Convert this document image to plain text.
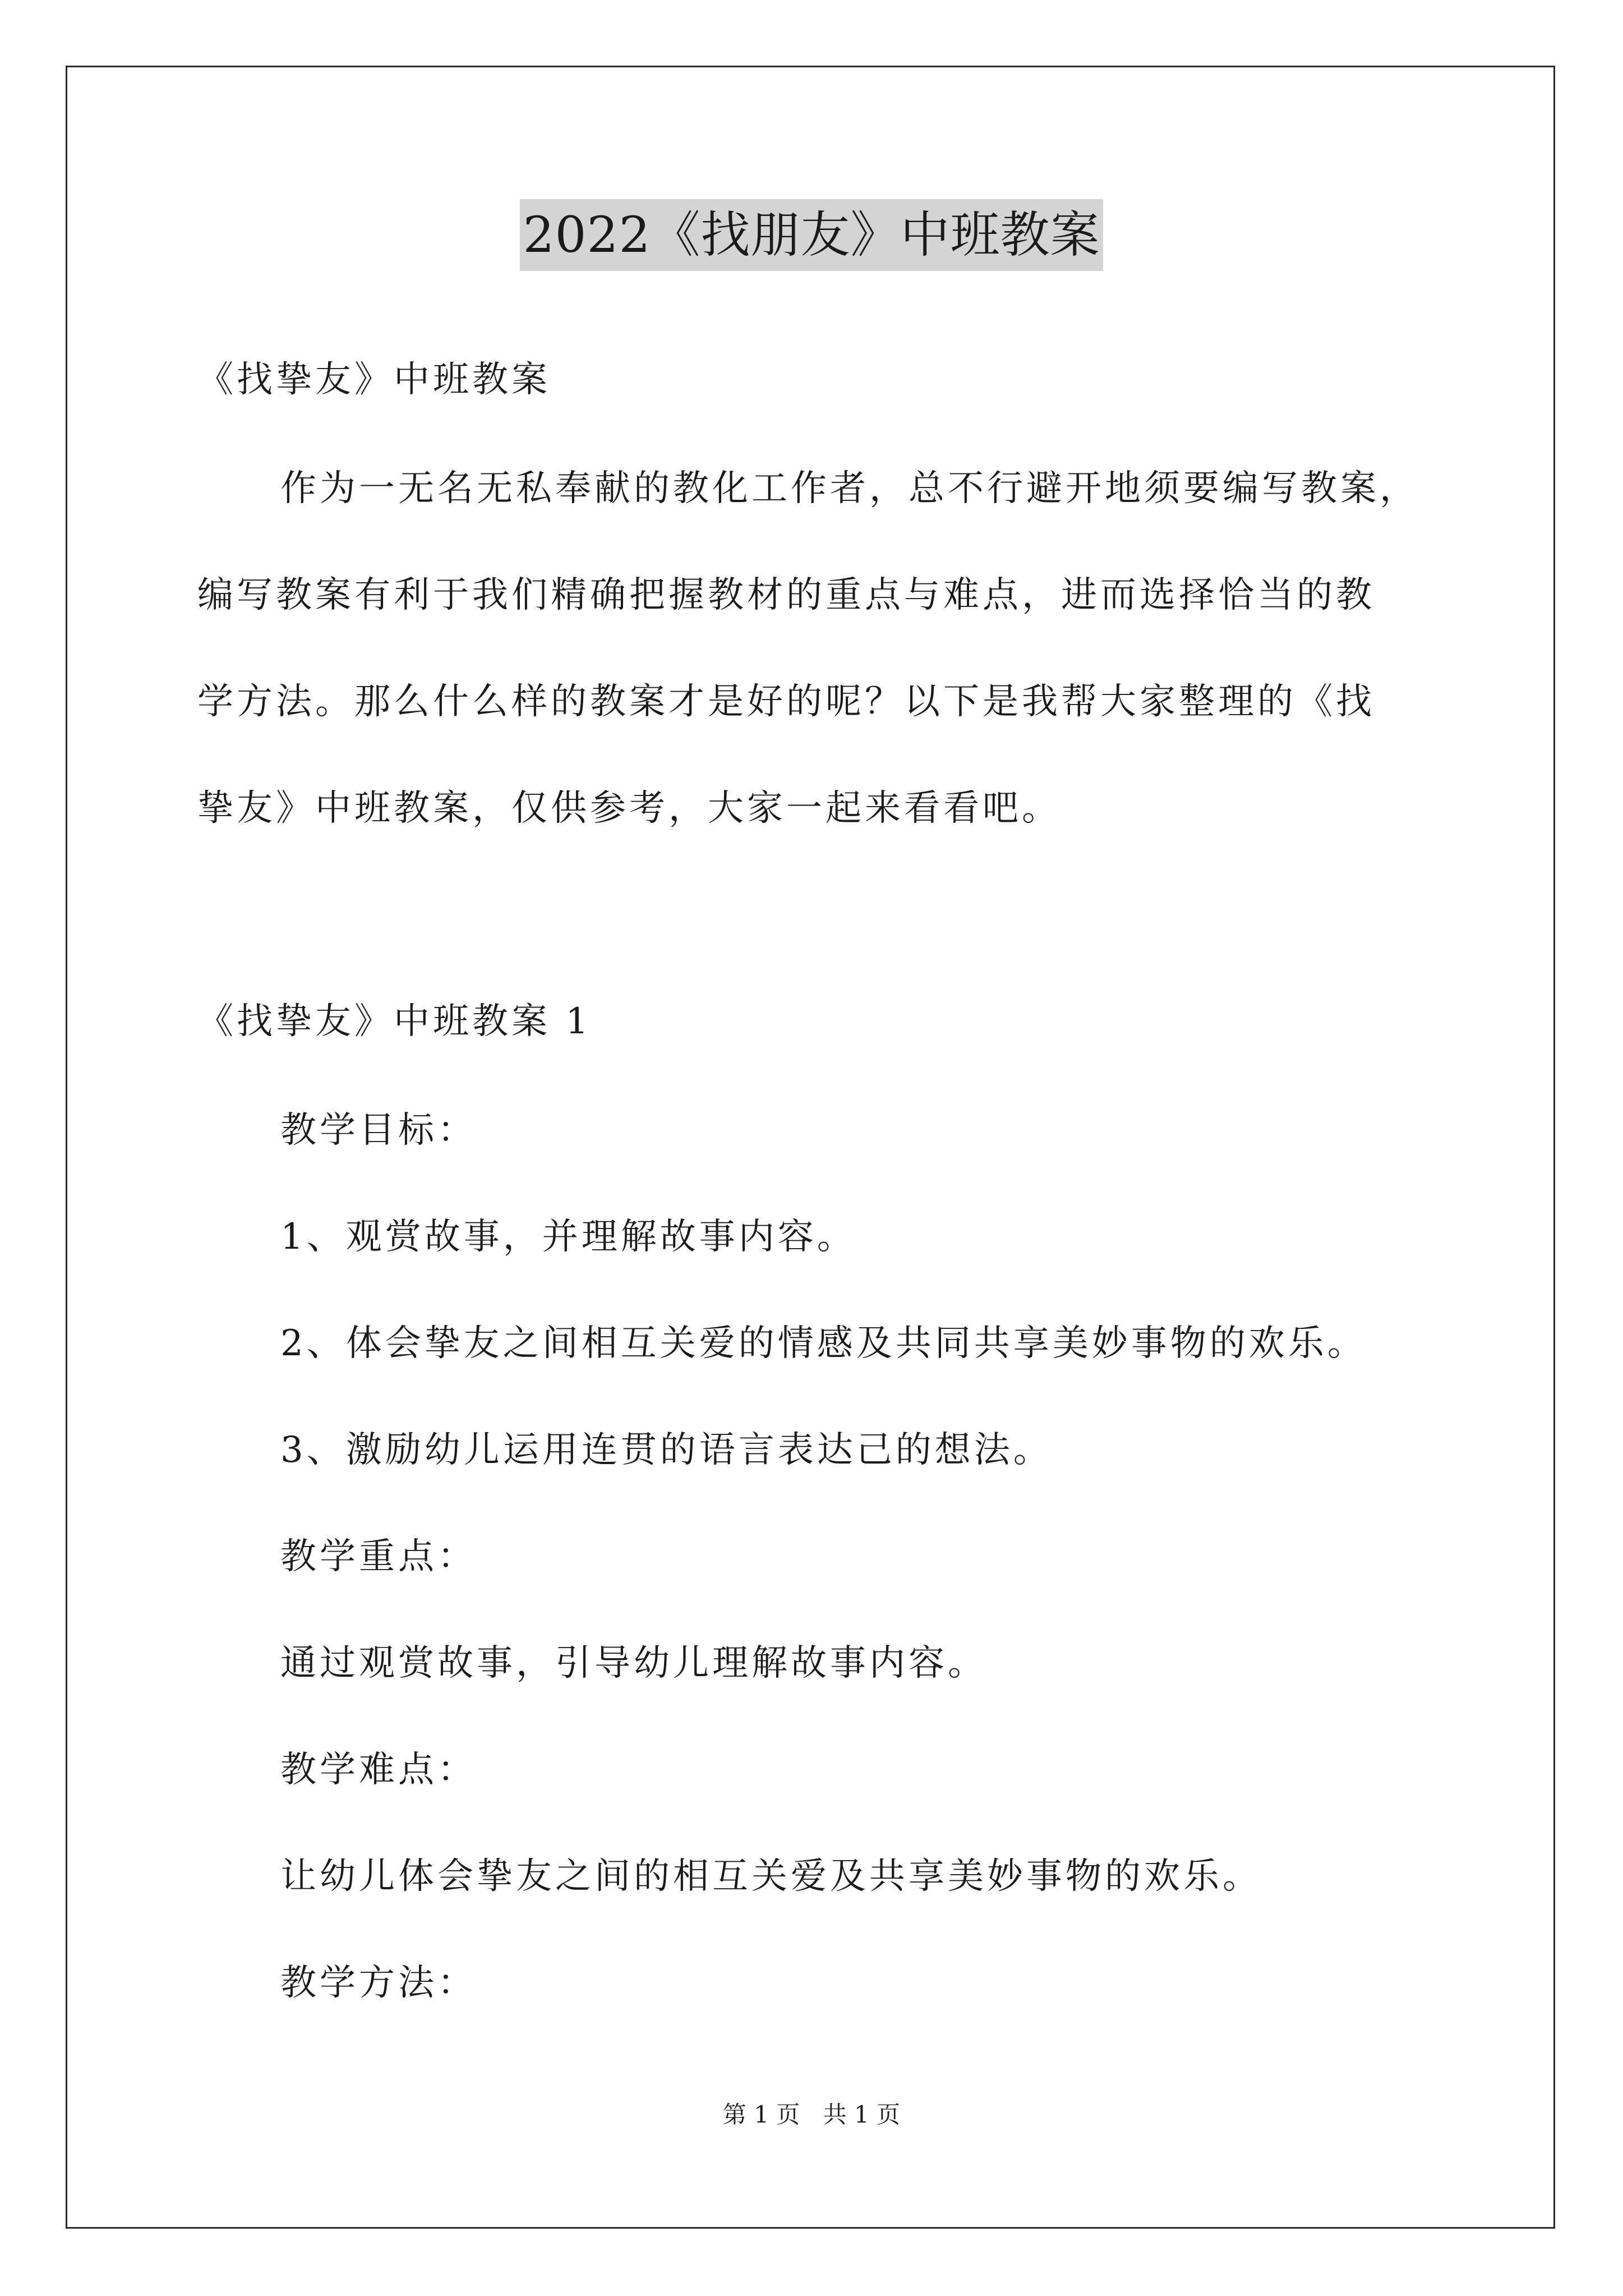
2022《找朋友》中班教案
《找挚友》中班教案
作为一无名无私奉献的教化工作者，总不行避开地须要编写教案，
编写教案有利于我们精确把握教材的重点与难点，进而选择恰当的教
学方法。那么什么样的教案才是好的呢？以下是我帮大家整理的《找
挚友》中班教案，仅供参考，大家一起来看看吧。
《找挚友》中班教案 1
教学目标：
1、观赏故事，并理解故事内容。
2、体会挚友之间相互关爱的情感及共同共享美妙事物的欢乐。
3、激励幼儿运用连贯的语言表达己的想法。
教学重点：
通过观赏故事，引导幼儿理解故事内容。
教学难点：
让幼儿体会挚友之间的相互关爱及共享美妙事物的欢乐。
教学方法：
第 1 页 共 1 页
